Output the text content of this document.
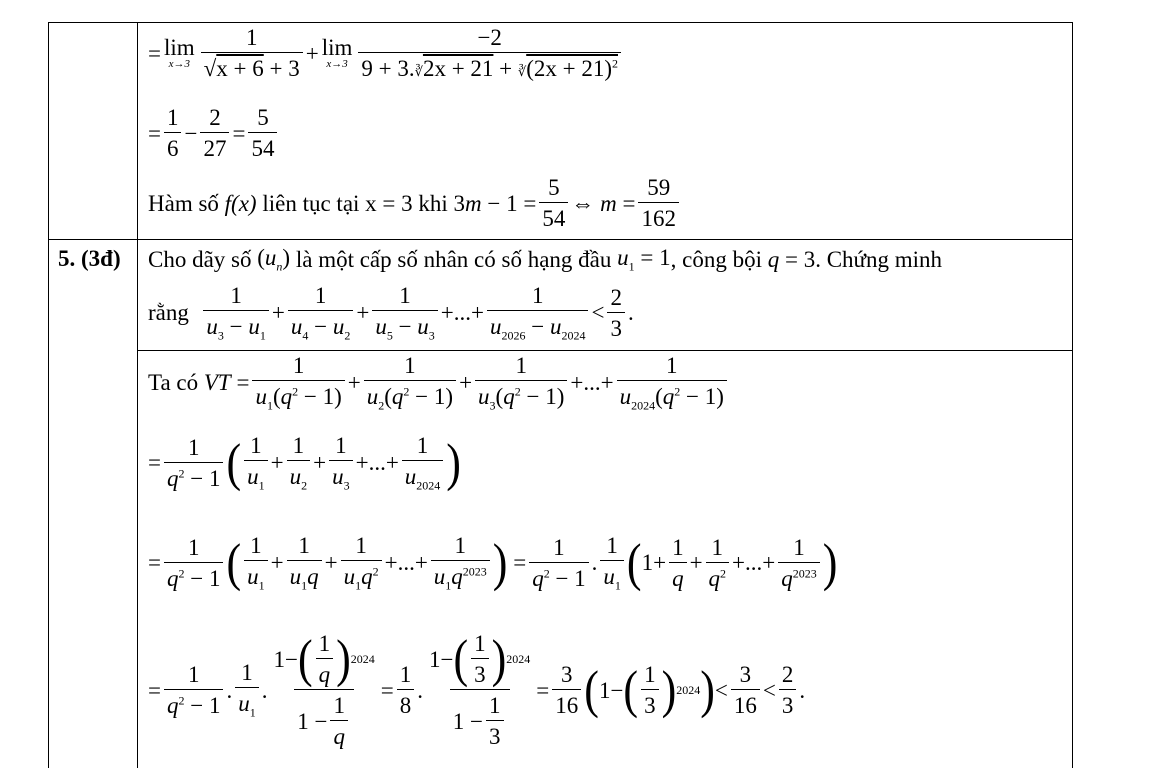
= lim
$x\to 3 \frac{1}{√x + 6 + 3} + \lim$
$x\to 3 \frac{-2}{9 + 3.∛2x + 21 + ∛(2x + 21)^2}$
= $\frac{1}{6} - \frac{2}{27} = \frac{5}{54}$
Hàm số
f(x)
liên tục tại x = 3 khi $3m - 1 = \frac{5}{54}$ ⇔ $m = \frac{59}{162}$
5. (3đ) Cho dãy số $(u_n)$ là một cấp số nhân có số hạng đầu $u_1 = 1$ , công bội q = 3 . Chứng minh
rằng
$\frac{1}{u_3 - u_1} + \frac{1}{u_4 - u_2} + \frac{1}{u_5 - u_3}$ +...+ $\frac{1}{u_{2026} - u_{2024}} < \frac{2}{3}$ .
Ta có VT = $\frac{1}{u_1(q^2 - 1)} + \frac{1}{u_2(q^2 - 1)} + \frac{1}{u_3(q^2 - 1)}$ +...+ $\frac{1}{u_{2024}(q^2 - 1)}$
= $\frac{1}{q^2 - 1}$ ( $\frac{1}{u_1} + \frac{1}{u_2} + \frac{1}{u_3}$ +...+ $\frac{1}{u_{2024}}$ )
= $\frac{1}{q^2 - 1}$ ( $\frac{1}{u_1} + \frac{1}{u_1q} + \frac{1}{u_1q^2}$ +...+ $\frac{1}{u_1q^{2023}}$ ) = $\frac{1}{q^2 - 1}$ . $\frac{1}{u_1}$ ( $1+ \frac{1}{q} + \frac{1}{q^2}$ +...+ $\frac{1}{q^{2023}}$ )
= $\frac{1}{q^2 - 1}$ . $\frac{1}{u_1}$ . $\frac{1- ( \frac{1}{q} ) 2024}{1 - \frac{1}{q}} = \frac{1}{8}$ . $\frac{1- ( \frac{1}{3} ) 2024}{1 - \frac{1}{3}} = \frac{3}{16}$ ( 1− ( $\frac{1}{3}$ ) 2024 ) < $\frac{3}{16} < \frac{2}{3}$ .
